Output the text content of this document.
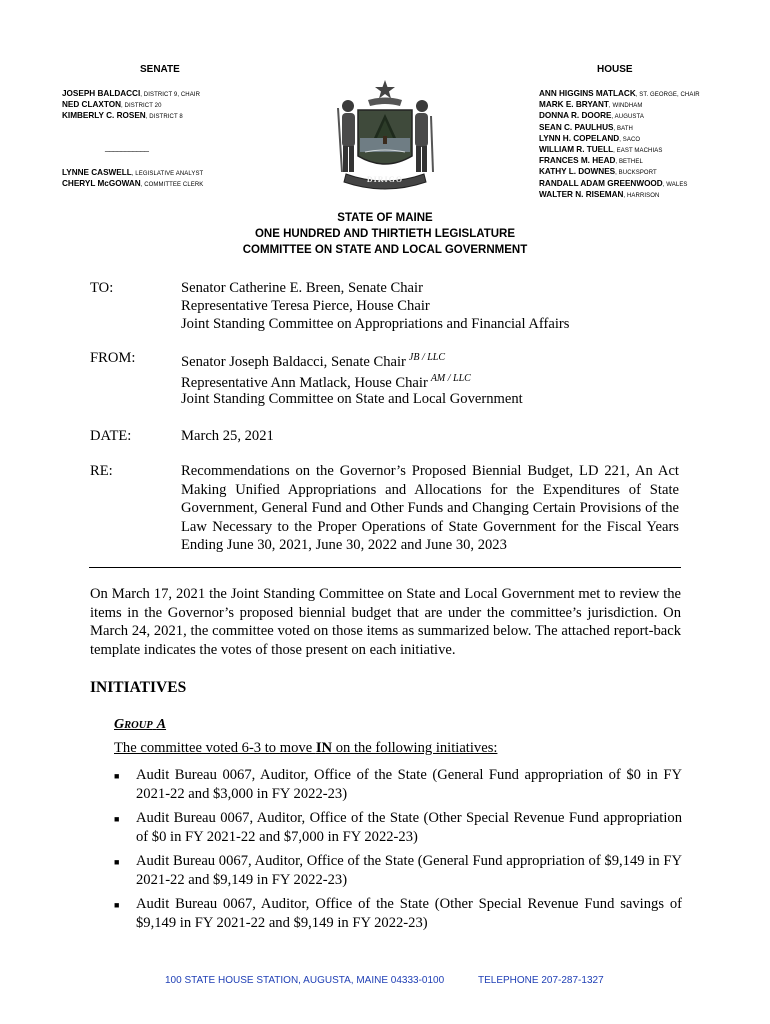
SENATE	HOUSE
JOSEPH BALDACCI, DISTRICT 9, CHAIR
NED CLAXTON, DISTRICT 20
KIMBERLY C. ROSEN, DISTRICT 8
___________
LYNNE CASWELL, LEGISLATIVE ANALYST
CHERYL McGOWAN, COMMITTEE CLERK
ANN HIGGINS MATLACK, ST. GEORGE, CHAIR
MARK E. BRYANT, WINDHAM
DONNA R. DOORE, AUGUSTA
SEAN C. PAULHUS, BATH
LYNN H. COPELAND, SACO
WILLIAM R. TUELL, EAST MACHIAS
FRANCES M. HEAD, BETHEL
KATHY L. DOWNES, BUCKSPORT
RANDALL ADAM GREENWOOD, WALES
WALTER N. RISEMAN, HARRISON
DIRIGO
STATE OF MAINE
ONE HUNDRED AND THIRTIETH LEGISLATURE
COMMITTEE ON STATE AND LOCAL GOVERNMENT
TO:	Senator Catherine E. Breen, Senate Chair
Representative Teresa Pierce, House Chair
Joint Standing Committee on Appropriations and Financial Affairs
FROM:	Senator Joseph Baldacci, Senate Chair $^{JB / LLC}$
Representative Ann Matlack, House Chair $^{AM / LLC}$
Joint Standing Committee on State and Local Government
DATE:	March 25, 2021
RE:	Recommendations on the Governor’s Proposed Biennial Budget, LD 221, An Act Making Unified Appropriations and Allocations for the Expenditures of State Government, General Fund and Other Funds and Changing Certain Provisions of the Law Necessary to the Proper Operations of State Government for the Fiscal Years Ending June 30, 2021, June 30, 2022 and June 30, 2023
On March 17, 2021 the Joint Standing Committee on State and Local Government met to review the items in the Governor’s proposed biennial budget that are under the committee’s jurisdiction. On March 24, 2021, the committee voted on those items as summarized below. The attached report-back template indicates the votes of those present on each initiative.
INITIATIVES
GROUP A
The committee voted 6-3 to move IN on the following initiatives:
■ Audit Bureau 0067, Auditor, Office of the State (General Fund appropriation of $0 in FY 2021-22 and $3,000 in FY 2022-23)
■ Audit Bureau 0067, Auditor, Office of the State (Other Special Revenue Fund appropriation of $0 in FY 2021-22 and $7,000 in FY 2022-23)
■ Audit Bureau 0067, Auditor, Office of the State (General Fund appropriation of $9,149 in FY 2021-22 and $9,149 in FY 2022-23)
■ Audit Bureau 0067, Auditor, Office of the State (Other Special Revenue Fund savings of $9,149 in FY 2021-22 and $9,149 in FY 2022-23)
100 STATE HOUSE STATION, AUGUSTA, MAINE 04333-0100	TELEPHONE 207-287-1327
